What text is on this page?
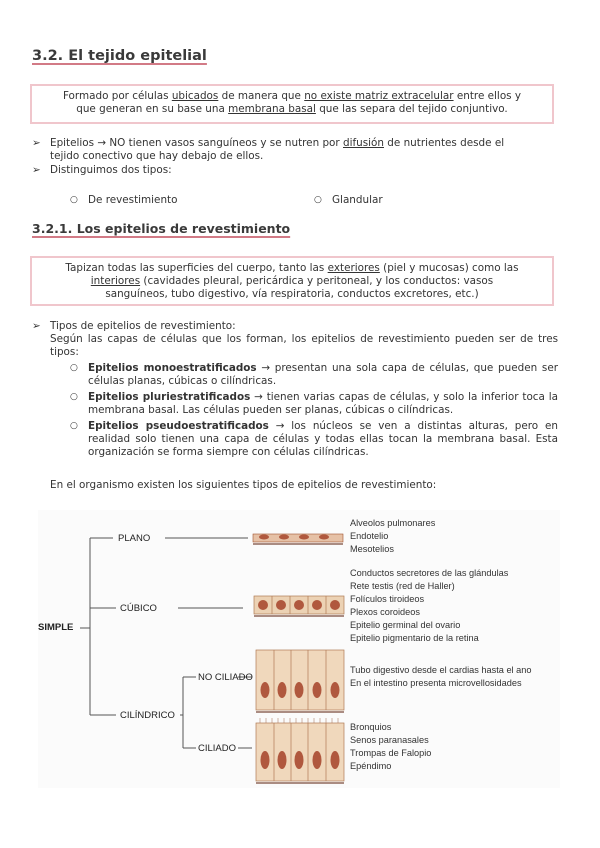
3.2. El tejido epitelial
Formado por células ubicados de manera que no existe matriz extracelular entre ellos y
que generan en su base una membrana basal que las separa del tejido conjuntivo.
➢ Epitelios → NO tienen vasos sanguíneos y se nutren por difusión de nutrientes desde el
tejido conectivo que hay debajo de ellos.
➢ Distinguimos dos tipos:
○ De revestimiento	○ Glandular
3.2.1. Los epitelios de revestimiento
Tapizan todas las superficies del cuerpo, tanto las exteriores (piel y mucosas) como las
interiores (cavidades pleural, pericárdica y peritoneal, y los conductos: vasos
sanguíneos, tubo digestivo, vía respiratoria, conductos excretores, etc.)
➢ Tipos de epitelios de revestimiento:
Según las capas de células que los forman, los epitelios de revestimiento pueden ser de tres tipos:
○ Epitelios monoestratificados → presentan una sola capa de células, que pueden ser células planas, cúbicas o cilíndricas.
○ Epitelios pluriestratificados → tienen varias capas de células, y solo la inferior toca la membrana basal. Las células pueden ser planas, cúbicas o cilíndricas.
○ Epitelios pseudoestratificados → los núcleos se ven a distintas alturas, pero en realidad solo tienen una capa de células y todas ellas tocan la membrana basal. Esta organización se forma siempre con células cilíndricas.
En el organismo existen los siguientes tipos de epitelios de revestimiento:
SIMPLE
PLANO
CÚBICO
CILÍNDRICO
NO CILIADO
CILIADO
Alveolos pulmonares
Endotelio
Mesotelios
Conductos secretores de las glándulas
Rete testis (red de Haller)
Folículos tiroideos
Plexos coroideos
Epitelio germinal del ovario
Epitelio pigmentario de la retina
Tubo digestivo desde el cardias hasta el ano
En el intestino presenta microvellosidades
Bronquios
Senos paranasales
Trompas de Falopio
Epéndimo
